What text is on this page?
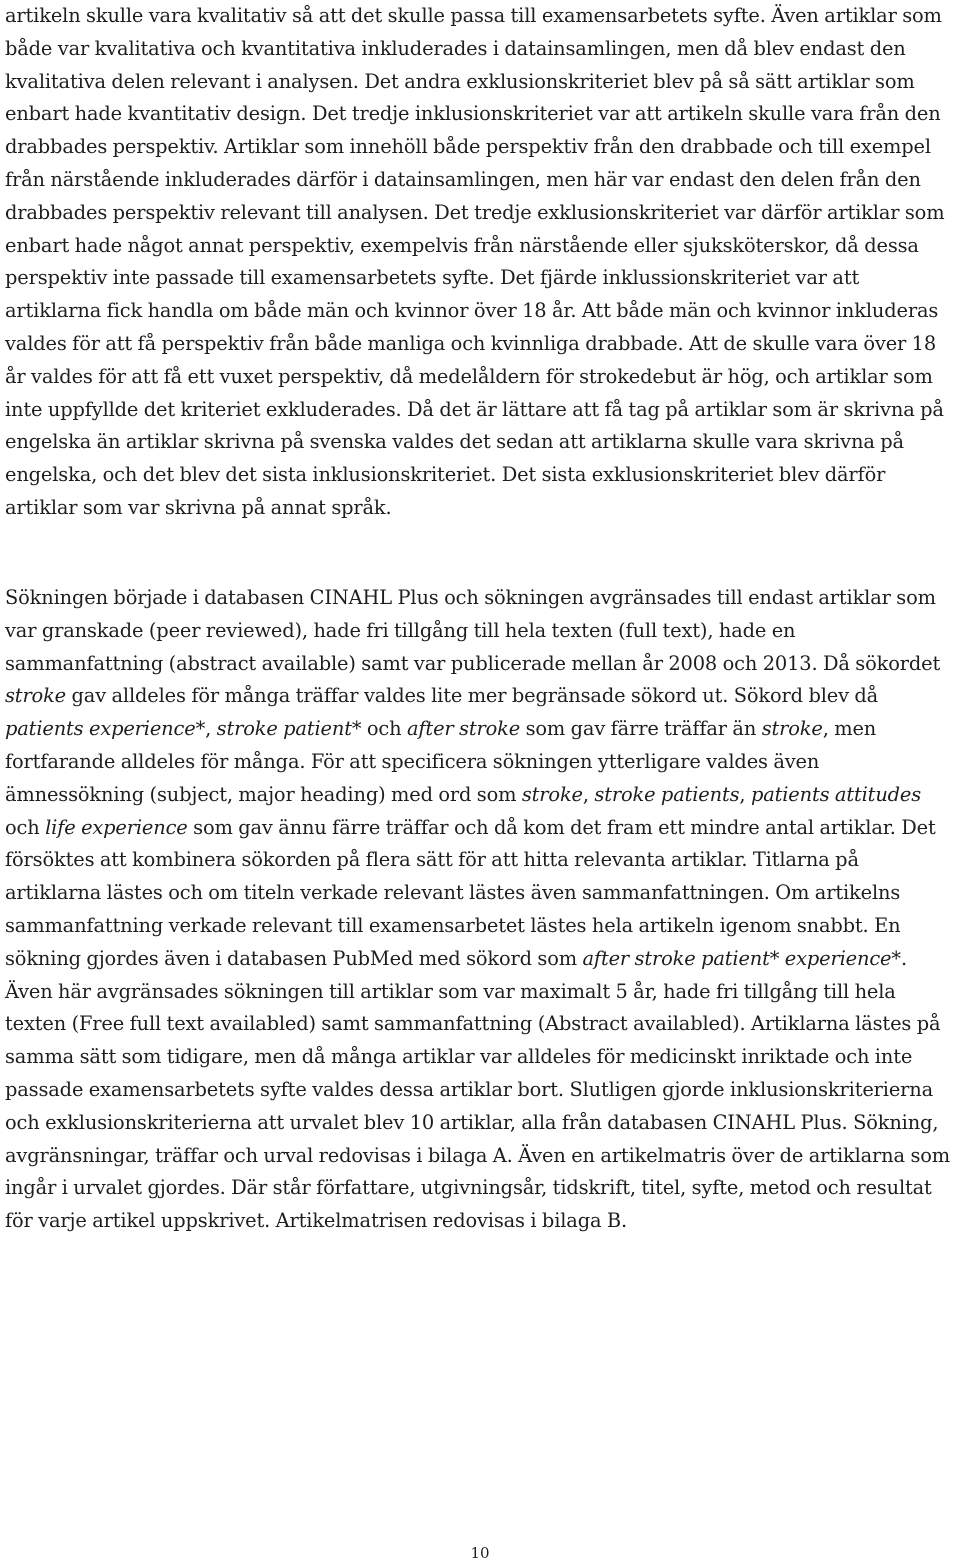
artikeln skulle vara kvalitativ så att det skulle passa till examensarbetets syfte. Även artiklar som både var kvalitativa och kvantitativa inkluderades i datainsamlingen, men då blev endast den kvalitativa delen relevant i analysen. Det andra exklusionskriteriet blev på så sätt artiklar som enbart hade kvantitativ design. Det tredje inklusionskriteriet var att artikeln skulle vara från den drabbades perspektiv. Artiklar som innehöll både perspektiv från den drabbade och till exempel från närstående inkluderades därför i datainsamlingen, men här var endast den delen från den drabbades perspektiv relevant till analysen. Det tredje exklusionskriteriet var därför artiklar som enbart hade något annat perspektiv, exempelvis från närstående eller sjuksköterskor, då dessa perspektiv inte passade till examensarbetets syfte. Det fjärde inklussionskriteriet var att artiklarna fick handla om både män och kvinnor över 18 år. Att både män och kvinnor inkluderas valdes för att få perspektiv från både manliga och kvinnliga drabbade. Att de skulle vara över 18 år valdes för att få ett vuxet perspektiv, då medelåldern för strokedebut är hög, och artiklar som inte uppfyllde det kriteriet exkluderades. Då det är lättare att få tag på artiklar som är skrivna på engelska än artiklar skrivna på svenska valdes det sedan att artiklarna skulle vara skrivna på engelska, och det blev det sista inklusionskriteriet. Det sista exklusionskriteriet blev därför artiklar som var skrivna på annat språk.

Sökningen började i databasen CINAHL Plus och sökningen avgränsades till endast artiklar som var granskade (peer reviewed), hade fri tillgång till hela texten (full text), hade en sammanfattning (abstract available) samt var publicerade mellan år 2008 och 2013. Då sökordet stroke gav alldeles för många träffar valdes lite mer begränsade sökord ut. Sökord blev då patients experience*, stroke patient* och after stroke som gav färre träffar än stroke, men fortfarande alldeles för många. För att specificera sökningen ytterligare valdes även ämnessökning (subject, major heading) med ord som stroke, stroke patients, patients attitudes och life experience som gav ännu färre träffar och då kom det fram ett mindre antal artiklar. Det försöktes att kombinera sökorden på flera sätt för att hitta relevanta artiklar. Titlarna på artiklarna lästes och om titeln verkade relevant lästes även sammanfattningen. Om artikelns sammanfattning verkade relevant till examensarbetet lästes hela artikeln igenom snabbt. En sökning gjordes även i databasen PubMed med sökord som after stroke patient* experience*. Även här avgränsades sökningen till artiklar som var maximalt 5 år, hade fri tillgång till hela texten (Free full text availabled) samt sammanfattning (Abstract availabled). Artiklarna lästes på samma sätt som tidigare, men då många artiklar var alldeles för medicinskt inriktade och inte passade examensarbetets syfte valdes dessa artiklar bort. Slutligen gjorde inklusionskriterierna och exklusionskriterierna att urvalet blev 10 artiklar, alla från databasen CINAHL Plus. Sökning, avgränsningar, träffar och urval redovisas i bilaga A. Även en artikelmatris över de artiklarna som ingår i urvalet gjordes. Där står författare, utgivningsår, tidskrift, titel, syfte, metod och resultat för varje artikel uppskrivet. Artikelmatrisen redovisas i bilaga B.

10
